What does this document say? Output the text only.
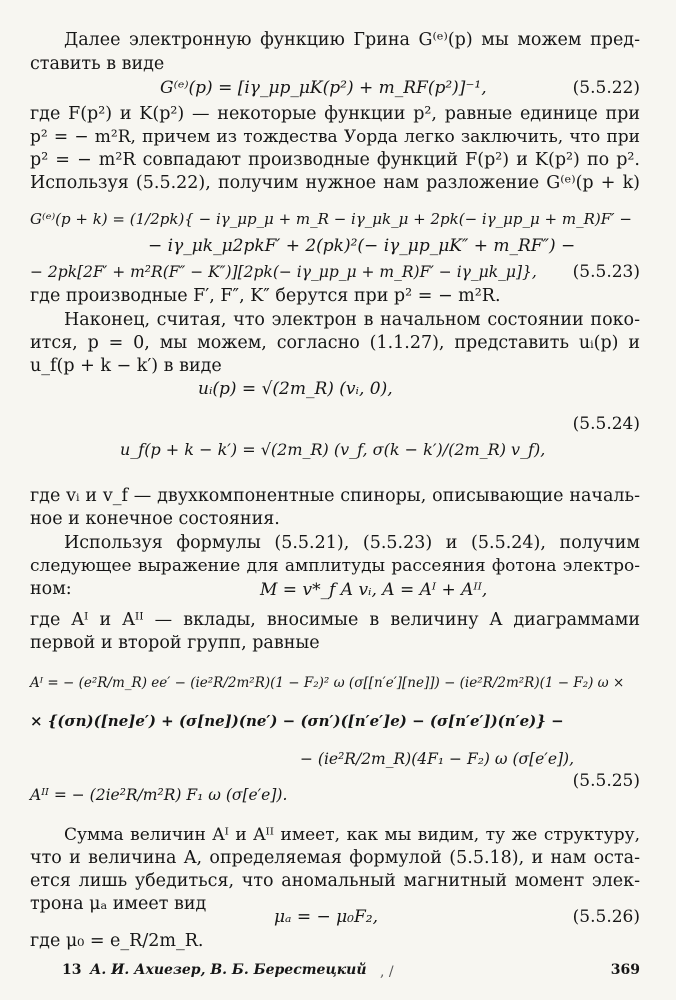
Далее электронную функцию Грина G⁽ᵉ⁾(p) мы можем пред-
ставить в виде
G⁽ᵉ⁾(p) = [iγ_μp_μK(p²) + m_RF(p²)]⁻¹,	(5.5.22)
где F(p²) и K(p²) — некоторые функции p², равные единице при
p² = − m²R, причем из тождества Уорда легко заключить, что при
p² = − m²R совпадают производные функций F(p²) и K(p²) по p².
Используя (5.5.22), получим нужное нам разложение G⁽ᵉ⁾(p + k)
G⁽ᵉ⁾(p + k) = (1/2pk){ − iγ_μp_μ + m_R − iγ_μk_μ + 2pk(− iγ_μp_μ + m_R)F′ −
− iγ_μk_μ2pkF′ + 2(pk)²(− iγ_μp_μK″ + m_RF″) −
− 2pk[2F′ + m²R(F″ − K″)][2pk(− iγ_μp_μ + m_R)F′ − iγ_μk_μ]}, (5.5.23)
где производные F′, F″, K″ берутся при p² = − m²R.
Наконец, считая, что электрон в начальном состоянии поко-
ится, p = 0, мы можем, согласно (1.1.27), представить uᵢ(p) и
u_f(p + k − k′) в виде
uᵢ(p) = √(2m_R) (vᵢ, 0),
u_f(p + k − k′) = √(2m_R) (v_f, σ(k − k′)/(2m_R) v_f),
(5.5.24)
где vᵢ и v_f — двухкомпонентные спиноры, описывающие началь-
ное и конечное состояния.
Используя формулы (5.5.21), (5.5.23) и (5.5.24), получим
следующее выражение для амплитуды рассеяния фотона электро-
ном:	M = v*_f A vᵢ, A = Aᴵ + Aᴵᴵ,
где Aᴵ и Aᴵᴵ — вклады, вносимые в величину A диаграммами
первой и второй групп, равные
Aᴵ = − (e²R/m_R) ee′ − (ie²R/2m²R)(1 − F₂)² ω (σ[[n′e′][ne]]) − (ie²R/2m²R)(1 − F₂) ω ×
× {(σn)([ne]e′) + (σ[ne])(ne′) − (σn′)([n′e′]e) − (σ[n′e′])(n′e)} −
− (ie²R/2m_R)(4F₁ − F₂) ω (σ[e′e]),
Aᴵᴵ = − (2ie²R/m²R) F₁ ω (σ[e′e]).
(5.5.25)
Сумма величин Aᴵ и Aᴵᴵ имеет, как мы видим, ту же структуру,
что и величина A, определяемая формулой (5.5.18), и нам оста-
ется лишь убедиться, что аномальный магнитный момент элек-
трона μₐ имеет вид
μₐ = − μ₀F₂,	(5.5.26)
где μ₀ = e_R/2m_R.
13 А. И. Ахиезер, В. Б. Берестецкий , /	369
